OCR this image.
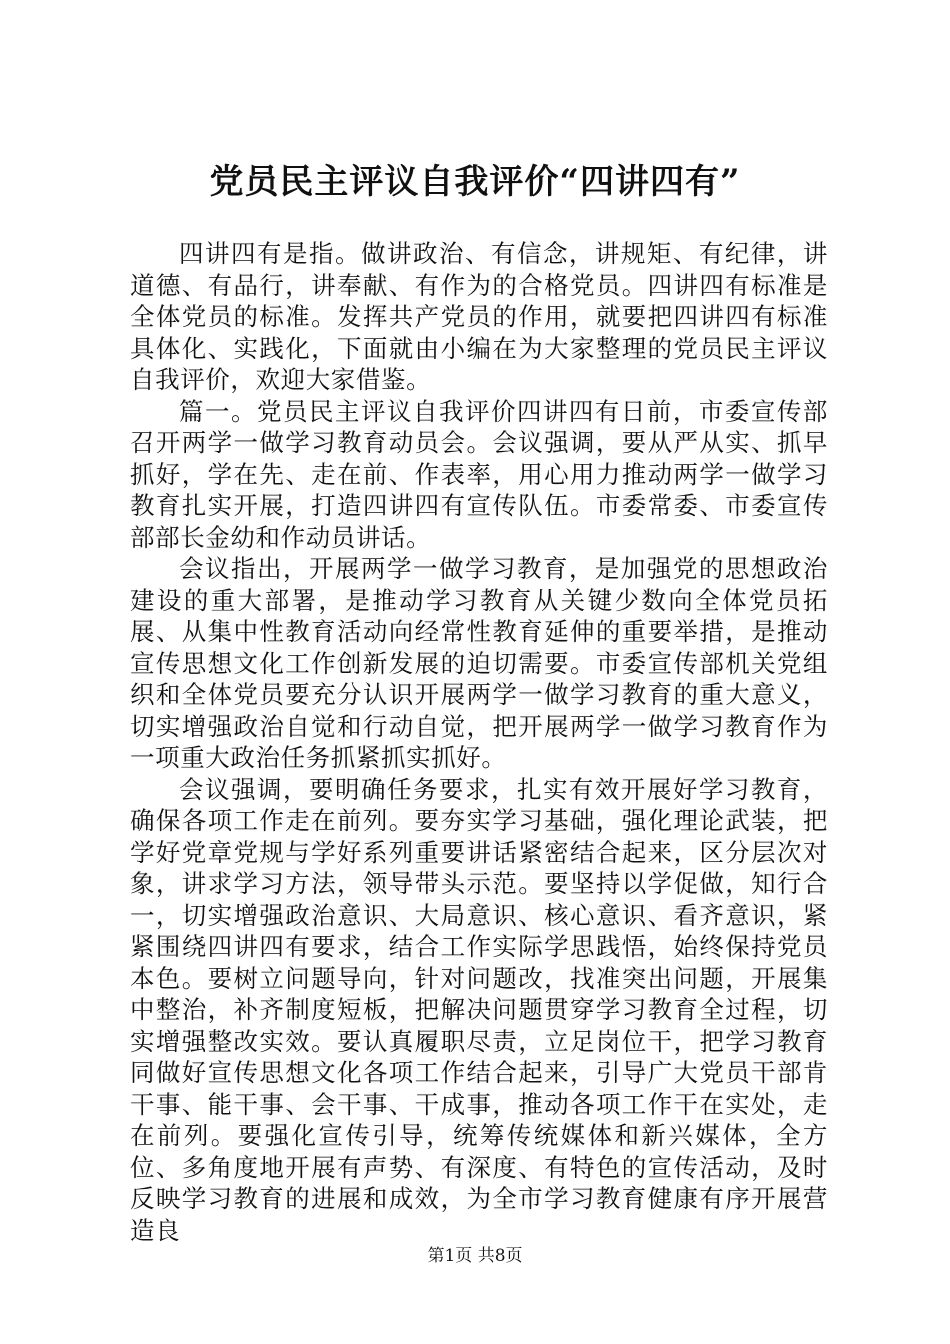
党员民主评议自我评价“四讲四有”

四讲四有是指。做讲政治、有信念，讲规矩、有纪律，讲道德、有品行，讲奉献、有作为的合格党员。四讲四有标准是全体党员的标准。发挥共产党员的作用，就要把四讲四有标准具体化、实践化，下面就由小编在为大家整理的党员民主评议自我评价，欢迎大家借鉴。

篇一。党员民主评议自我评价四讲四有日前，市委宣传部召开两学一做学习教育动员会。会议强调，要从严从实、抓早抓好，学在先、走在前、作表率，用心用力推动两学一做学习教育扎实开展，打造四讲四有宣传队伍。市委常委、市委宣传部部长金幼和作动员讲话。

会议指出，开展两学一做学习教育，是加强党的思想政治建设的重大部署，是推动学习教育从关键少数向全体党员拓展、从集中性教育活动向经常性教育延伸的重要举措，是推动宣传思想文化工作创新发展的迫切需要。市委宣传部机关党组织和全体党员要充分认识开展两学一做学习教育的重大意义，切实增强政治自觉和行动自觉，把开展两学一做学习教育作为一项重大政治任务抓紧抓实抓好。

会议强调，要明确任务要求，扎实有效开展好学习教育，确保各项工作走在前列。要夯实学习基础，强化理论武装，把学好党章党规与学好系列重要讲话紧密结合起来，区分层次对象，讲求学习方法，领导带头示范。要坚持以学促做，知行合一，切实增强政治意识、大局意识、核心意识、看齐意识，紧紧围绕四讲四有要求，结合工作实际学思践悟，始终保持党员本色。要树立问题导向，针对问题改，找准突出问题，开展集中整治，补齐制度短板，把解决问题贯穿学习教育全过程，切实增强整改实效。要认真履职尽责，立足岗位干，把学习教育同做好宣传思想文化各项工作结合起来，引导广大党员干部肯干事、能干事、会干事、干成事，推动各项工作干在实处，走在前列。要强化宣传引导，统筹传统媒体和新兴媒体，全方位、多角度地开展有声势、有深度、有特色的宣传活动，及时反映学习教育的进展和成效，为全市学习教育健康有序开展营造良

第1页 共8页
